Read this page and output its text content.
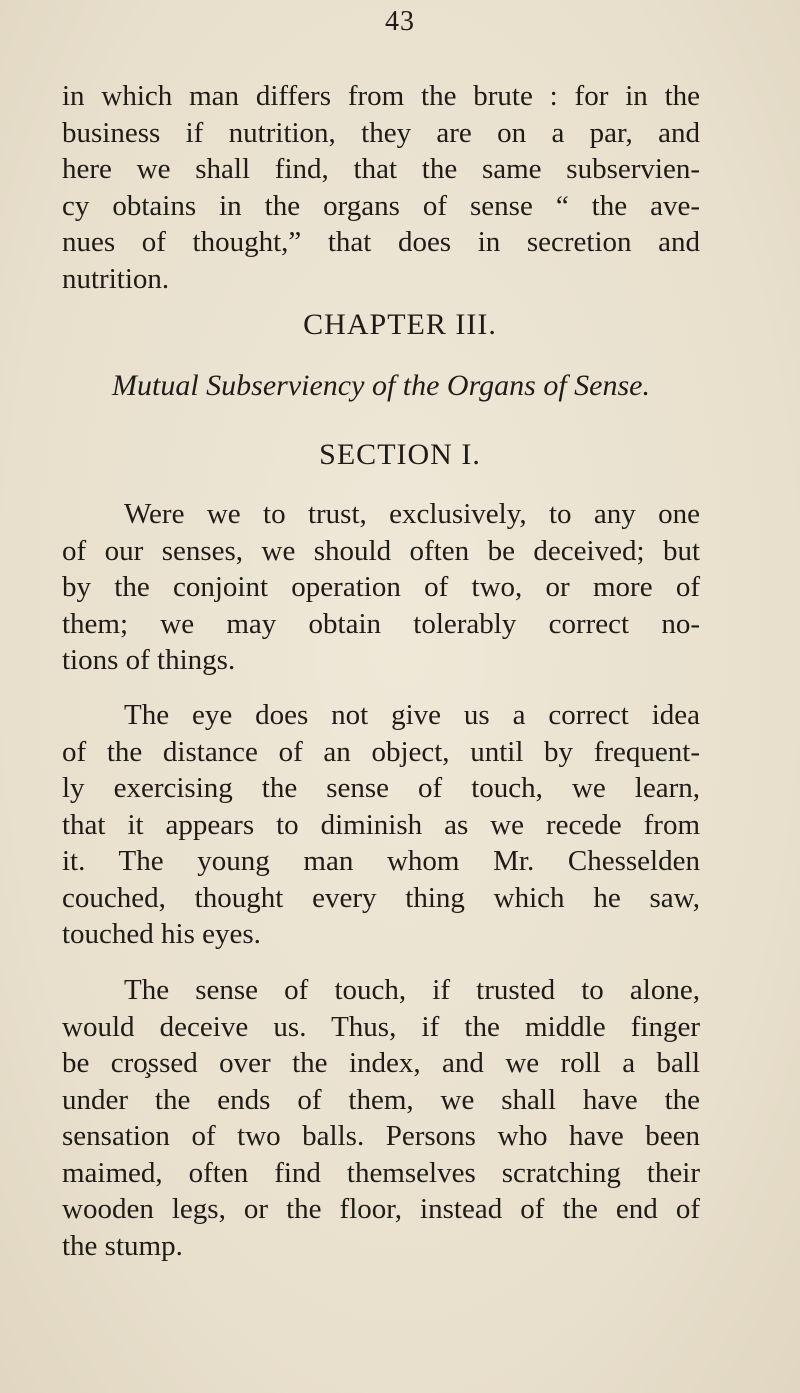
43
in which man differs from the brute : for in the
business if nutrition, they are on a par, and
here we shall find, that the same subservien-
cy obtains in the organs of sense “ the ave-
nues of thought,” that does in secretion and
nutrition.
CHAPTER III.
Mutual Subserviency of the Organs of Sense.
SECTION I.
Were we to trust, exclusively, to any one
of our senses, we should often be deceived; but
by the conjoint operation of two, or more of
them; we may obtain tolerably correct no-
tions of things.
The eye does not give us a correct idea
of the distance of an object, until by frequent-
ly exercising the sense of touch, we learn,
that it appears to diminish as we recede from
it. The young man whom Mr. Chesselden
couched, thought every thing which he saw,
touched his eyes.
The sense of touch, if trusted to alone,
would deceive us. Thus, if the middle finger
be cro̧ssed over the index, and we roll a ball
under the ends of them, we shall have the
sensation of two balls. Persons who have been
maimed, often find themselves scratching their
wooden legs, or the floor, instead of the end of
the stump.
